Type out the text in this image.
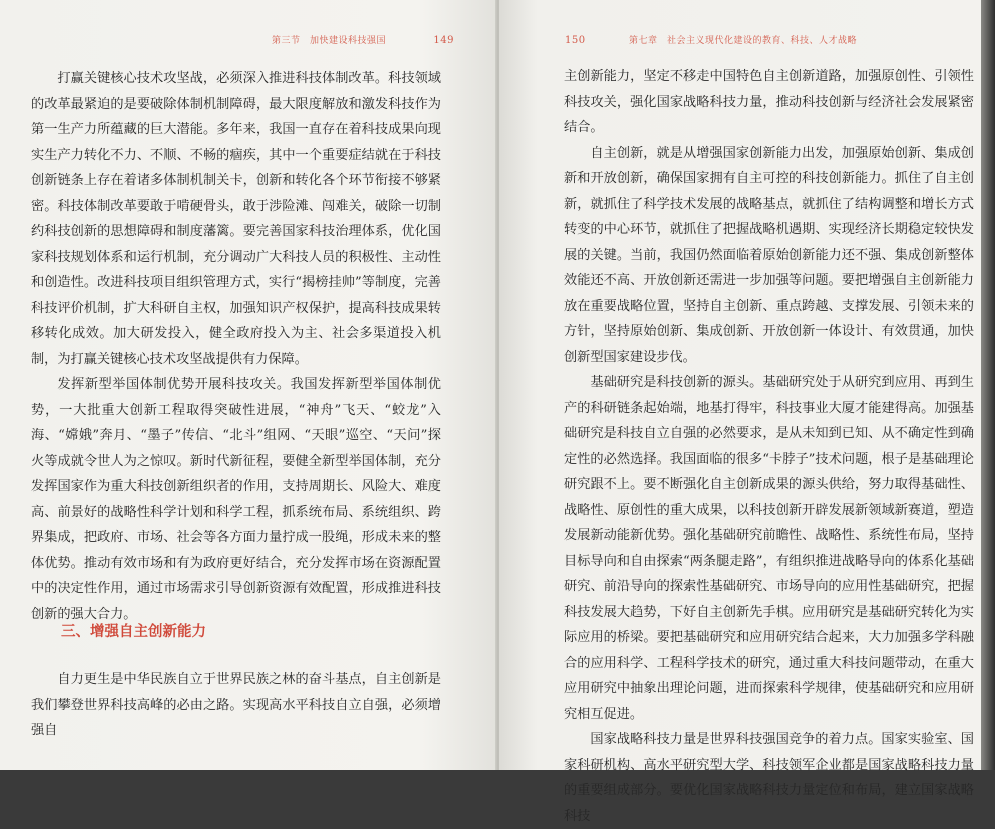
第三节　加快建设科技强国	149

打赢关键核心技术攻坚战，必须深入推进科技体制改革。科技领域的改革最紧迫的是要破除体制机制障碍，最大限度解放和激发科技作为第一生产力所蕴藏的巨大潜能。多年来，我国一直存在着科技成果向现实生产力转化不力、不顺、不畅的痼疾，其中一个重要症结就在于科技创新链条上存在着诸多体制机制关卡，创新和转化各个环节衔接不够紧密。科技体制改革要敢于啃硬骨头，敢于涉险滩、闯难关，破除一切制约科技创新的思想障碍和制度藩篱。要完善国家科技治理体系，优化国家科技规划体系和运行机制，充分调动广大科技人员的积极性、主动性和创造性。改进科技项目组织管理方式，实行“揭榜挂帅”等制度，完善科技评价机制，扩大科研自主权，加强知识产权保护，提高科技成果转移转化成效。加大研发投入，健全政府投入为主、社会多渠道投入机制，为打赢关键核心技术攻坚战提供有力保障。

发挥新型举国体制优势开展科技攻关。我国发挥新型举国体制优势，一大批重大创新工程取得突破性进展，“神舟”飞天、“蛟龙”入海、“嫦娥”奔月、“墨子”传信、“北斗”组网、“天眼”巡空、“天问”探火等成就令世人为之惊叹。新时代新征程，要健全新型举国体制，充分发挥国家作为重大科技创新组织者的作用，支持周期长、风险大、难度高、前景好的战略性科学计划和科学工程，抓系统布局、系统组织、跨界集成，把政府、市场、社会等各方面力量拧成一股绳，形成未来的整体优势。推动有效市场和有为政府更好结合，充分发挥市场在资源配置中的决定性作用，通过市场需求引导创新资源有效配置，形成推进科技创新的强大合力。

三、增强自主创新能力

自力更生是中华民族自立于世界民族之林的奋斗基点，自主创新是我们攀登世界科技高峰的必由之路。实现高水平科技自立自强，必须增强自

150	第七章　社会主义现代化建设的教育、科技、人才战略

主创新能力，坚定不移走中国特色自主创新道路，加强原创性、引领性科技攻关，强化国家战略科技力量，推动科技创新与经济社会发展紧密结合。

自主创新，就是从增强国家创新能力出发，加强原始创新、集成创新和开放创新，确保国家拥有自主可控的科技创新能力。抓住了自主创新，就抓住了科学技术发展的战略基点，就抓住了结构调整和增长方式转变的中心环节，就抓住了把握战略机遇期、实现经济长期稳定较快发展的关键。当前，我国仍然面临着原始创新能力还不强、集成创新整体效能还不高、开放创新还需进一步加强等问题。要把增强自主创新能力放在重要战略位置，坚持自主创新、重点跨越、支撑发展、引领未来的方针，坚持原始创新、集成创新、开放创新一体设计、有效贯通，加快创新型国家建设步伐。

基础研究是科技创新的源头。基础研究处于从研究到应用、再到生产的科研链条起始端，地基打得牢，科技事业大厦才能建得高。加强基础研究是科技自立自强的必然要求，是从未知到已知、从不确定性到确定性的必然选择。我国面临的很多“卡脖子”技术问题，根子是基础理论研究跟不上。要不断强化自主创新成果的源头供给，努力取得基础性、战略性、原创性的重大成果，以科技创新开辟发展新领域新赛道，塑造发展新动能新优势。强化基础研究前瞻性、战略性、系统性布局，坚持目标导向和自由探索“两条腿走路”，有组织推进战略导向的体系化基础研究、前沿导向的探索性基础研究、市场导向的应用性基础研究，把握科技发展大趋势，下好自主创新先手棋。应用研究是基础研究转化为实际应用的桥梁。要把基础研究和应用研究结合起来，大力加强多学科融合的应用科学、工程科学技术的研究，通过重大科技问题带动，在重大应用研究中抽象出理论问题，进而探索科学规律，使基础研究和应用研究相互促进。

国家战略科技力量是世界科技强国竞争的着力点。国家实验室、国家科研机构、高水平研究型大学、科技领军企业都是国家战略科技力量的重要组成部分。要优化国家战略科技力量定位和布局，建立国家战略科技
